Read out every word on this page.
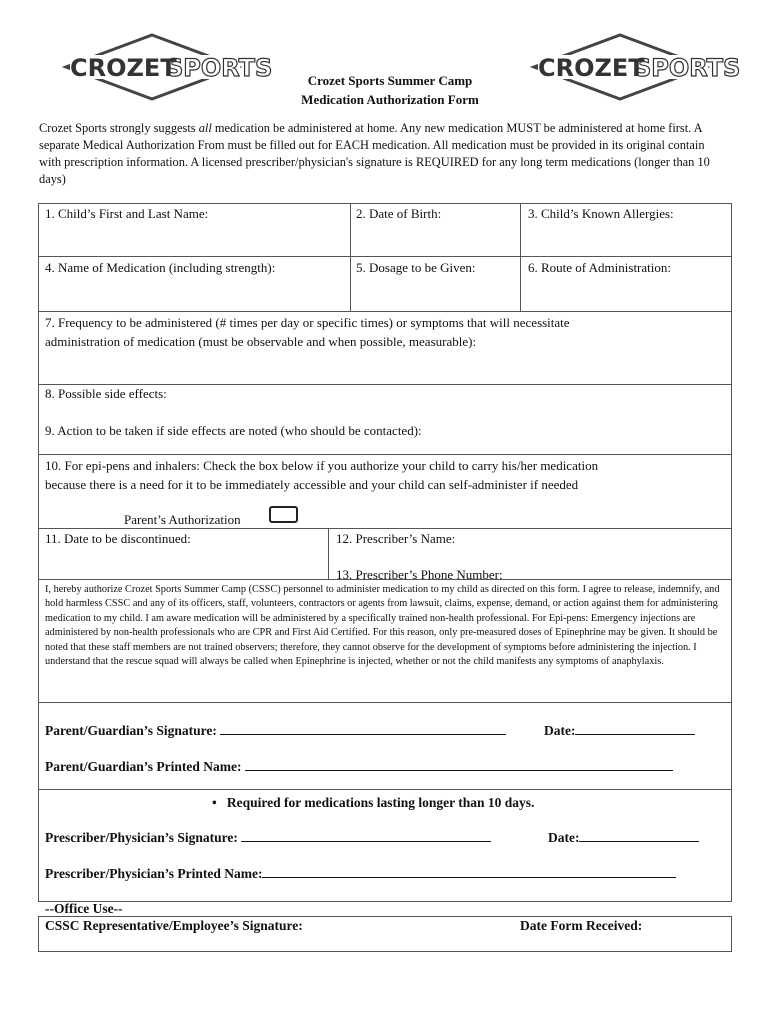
CROZET
SPORTS	CROZET
SPORTS
Crozet Sports Summer Camp
Medication Authorization Form
Crozet Sports strongly suggests all medication be administered at home. Any new medication MUST be administered at home first. A separate Medical Authorization From must be filled out for EACH medication. All medication must be provided in its original contain with prescription information. A licensed prescriber/physician's signature is REQUIRED for any long term medications (longer than 10 days)
1. Child’s First and Last Name:	2. Date of Birth:	3. Child’s Known Allergies:
4. Name of Medication (including strength):	5. Dosage to be Given:	6. Route of Administration:
7. Frequency to be administered (# times per day or specific times) or symptoms that will necessitate
administration of medication (must be observable and when possible, measurable):
8. Possible side effects:
9. Action to be taken if side effects are noted (who should be contacted):
10. For epi-pens and inhalers: Check the box below if you authorize your child to carry his/her medication
because there is a need for it to be immediately accessible and your child can self-administer if needed
Parent’s Authorization
11. Date to be discontinued:	12. Prescriber’s Name:
13. Prescriber’s Phone Number:
I, hereby authorize Crozet Sports Summer Camp (CSSC) personnel to administer medication to my child as directed on this form. I agree to release, indemnify, and hold harmless CSSC and any of its officers, staff, volunteers, contractors or agents from lawsuit, claims, expense, demand, or action against them for administering medication to my child. I am aware medication will be administered by a specifically trained non-health professional. For Epi-pens: Emergency injections are administered by non-health professionals who are CPR and First Aid Certified. For this reason, only pre-measured doses of Epinephrine may be given. It should be noted that these staff members are not trained observers; therefore, they cannot observe for the development of symptoms before administering the injection. I understand that the rescue squad will always be called when Epinephrine is injected, whether or not the child manifests any symptoms of anaphylaxis.
Parent/Guardian’s Signature:	Date:
Parent/Guardian’s Printed Name:
•   Required for medications lasting longer than 10 days.
Prescriber/Physician’s Signature:	Date:
Prescriber/Physician’s Printed Name:
--Office Use--
CSSC Representative/Employee’s Signature:	Date Form Received:
